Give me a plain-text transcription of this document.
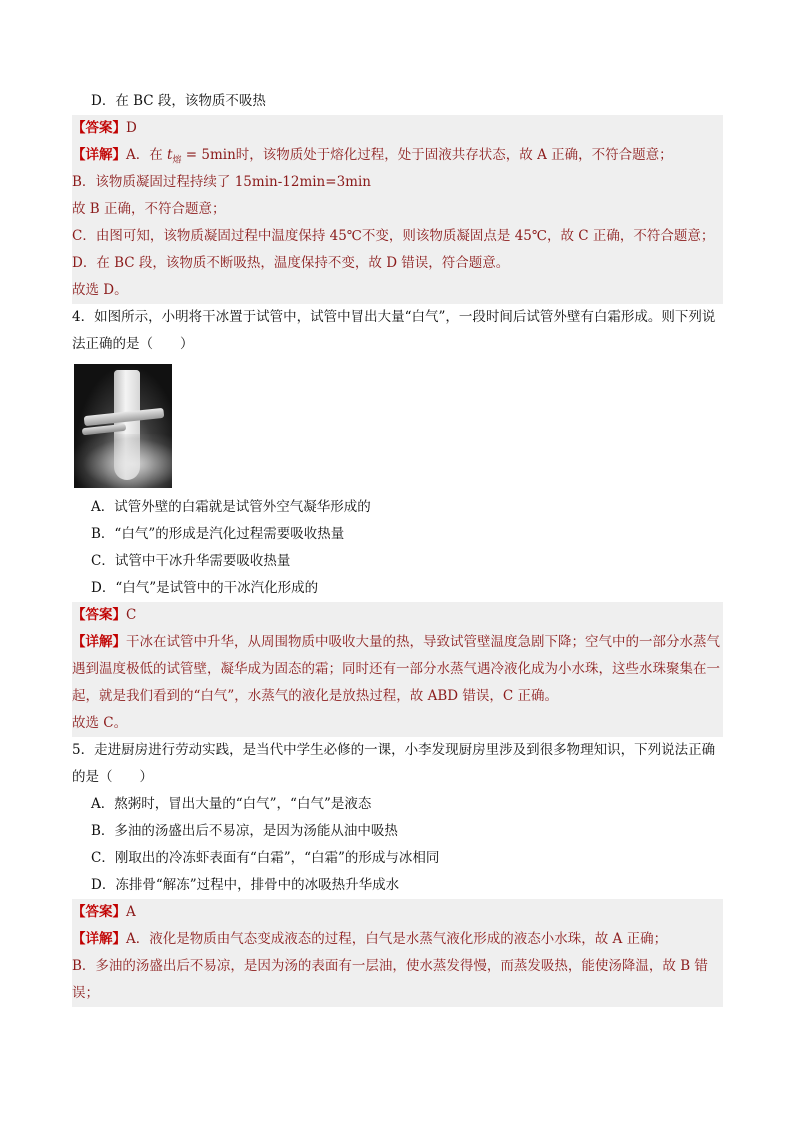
D．在 BC 段，该物质不吸热
【答案】D
【详解】A．在 $t_熔 = 5\min$时，该物质处于熔化过程，处于固液共存状态，故 A 正确，不符合题意；
B．该物质凝固过程持续了 15min-12min=3min
故 B 正确，不符合题意；
C．由图可知，该物质凝固过程中温度保持 45℃不变，则该物质凝固点是 45℃，故 C 正确，不符合题意；
D．在 BC 段，该物质不断吸热，温度保持不变，故 D 错误，符合题意。
故选 D。
4．如图所示，小明将干冰置于试管中，试管中冒出大量“白气”，一段时间后试管外壁有白霜形成。则下列说法正确的是（　　）
A．试管外壁的白霜就是试管外空气凝华形成的
B．“白气”的形成是汽化过程需要吸收热量
C．试管中干冰升华需要吸收热量
D．“白气”是试管中的干冰汽化形成的
【答案】C
【详解】干冰在试管中升华，从周围物质中吸收大量的热，导致试管壁温度急剧下降；空气中的一部分水蒸气遇到温度极低的试管壁，凝华成为固态的霜；同时还有一部分水蒸气遇冷液化成为小水珠，这些水珠聚集在一起，就是我们看到的“白气”，水蒸气的液化是放热过程，故 ABD 错误，C 正确。
故选 C。
5．走进厨房进行劳动实践，是当代中学生必修的一课，小李发现厨房里涉及到很多物理知识，下列说法正确的是（　　）
A．熬粥时，冒出大量的“白气”，“白气”是液态
B．多油的汤盛出后不易凉，是因为汤能从油中吸热
C．刚取出的冷冻虾表面有“白霜”，“白霜”的形成与冰相同
D．冻排骨“解冻”过程中，排骨中的冰吸热升华成水
【答案】A
【详解】A．液化是物质由气态变成液态的过程，白气是水蒸气液化形成的液态小水珠，故 A 正确；
B．多油的汤盛出后不易凉，是因为汤的表面有一层油，使水蒸发得慢，而蒸发吸热，能使汤降温，故 B 错误；
